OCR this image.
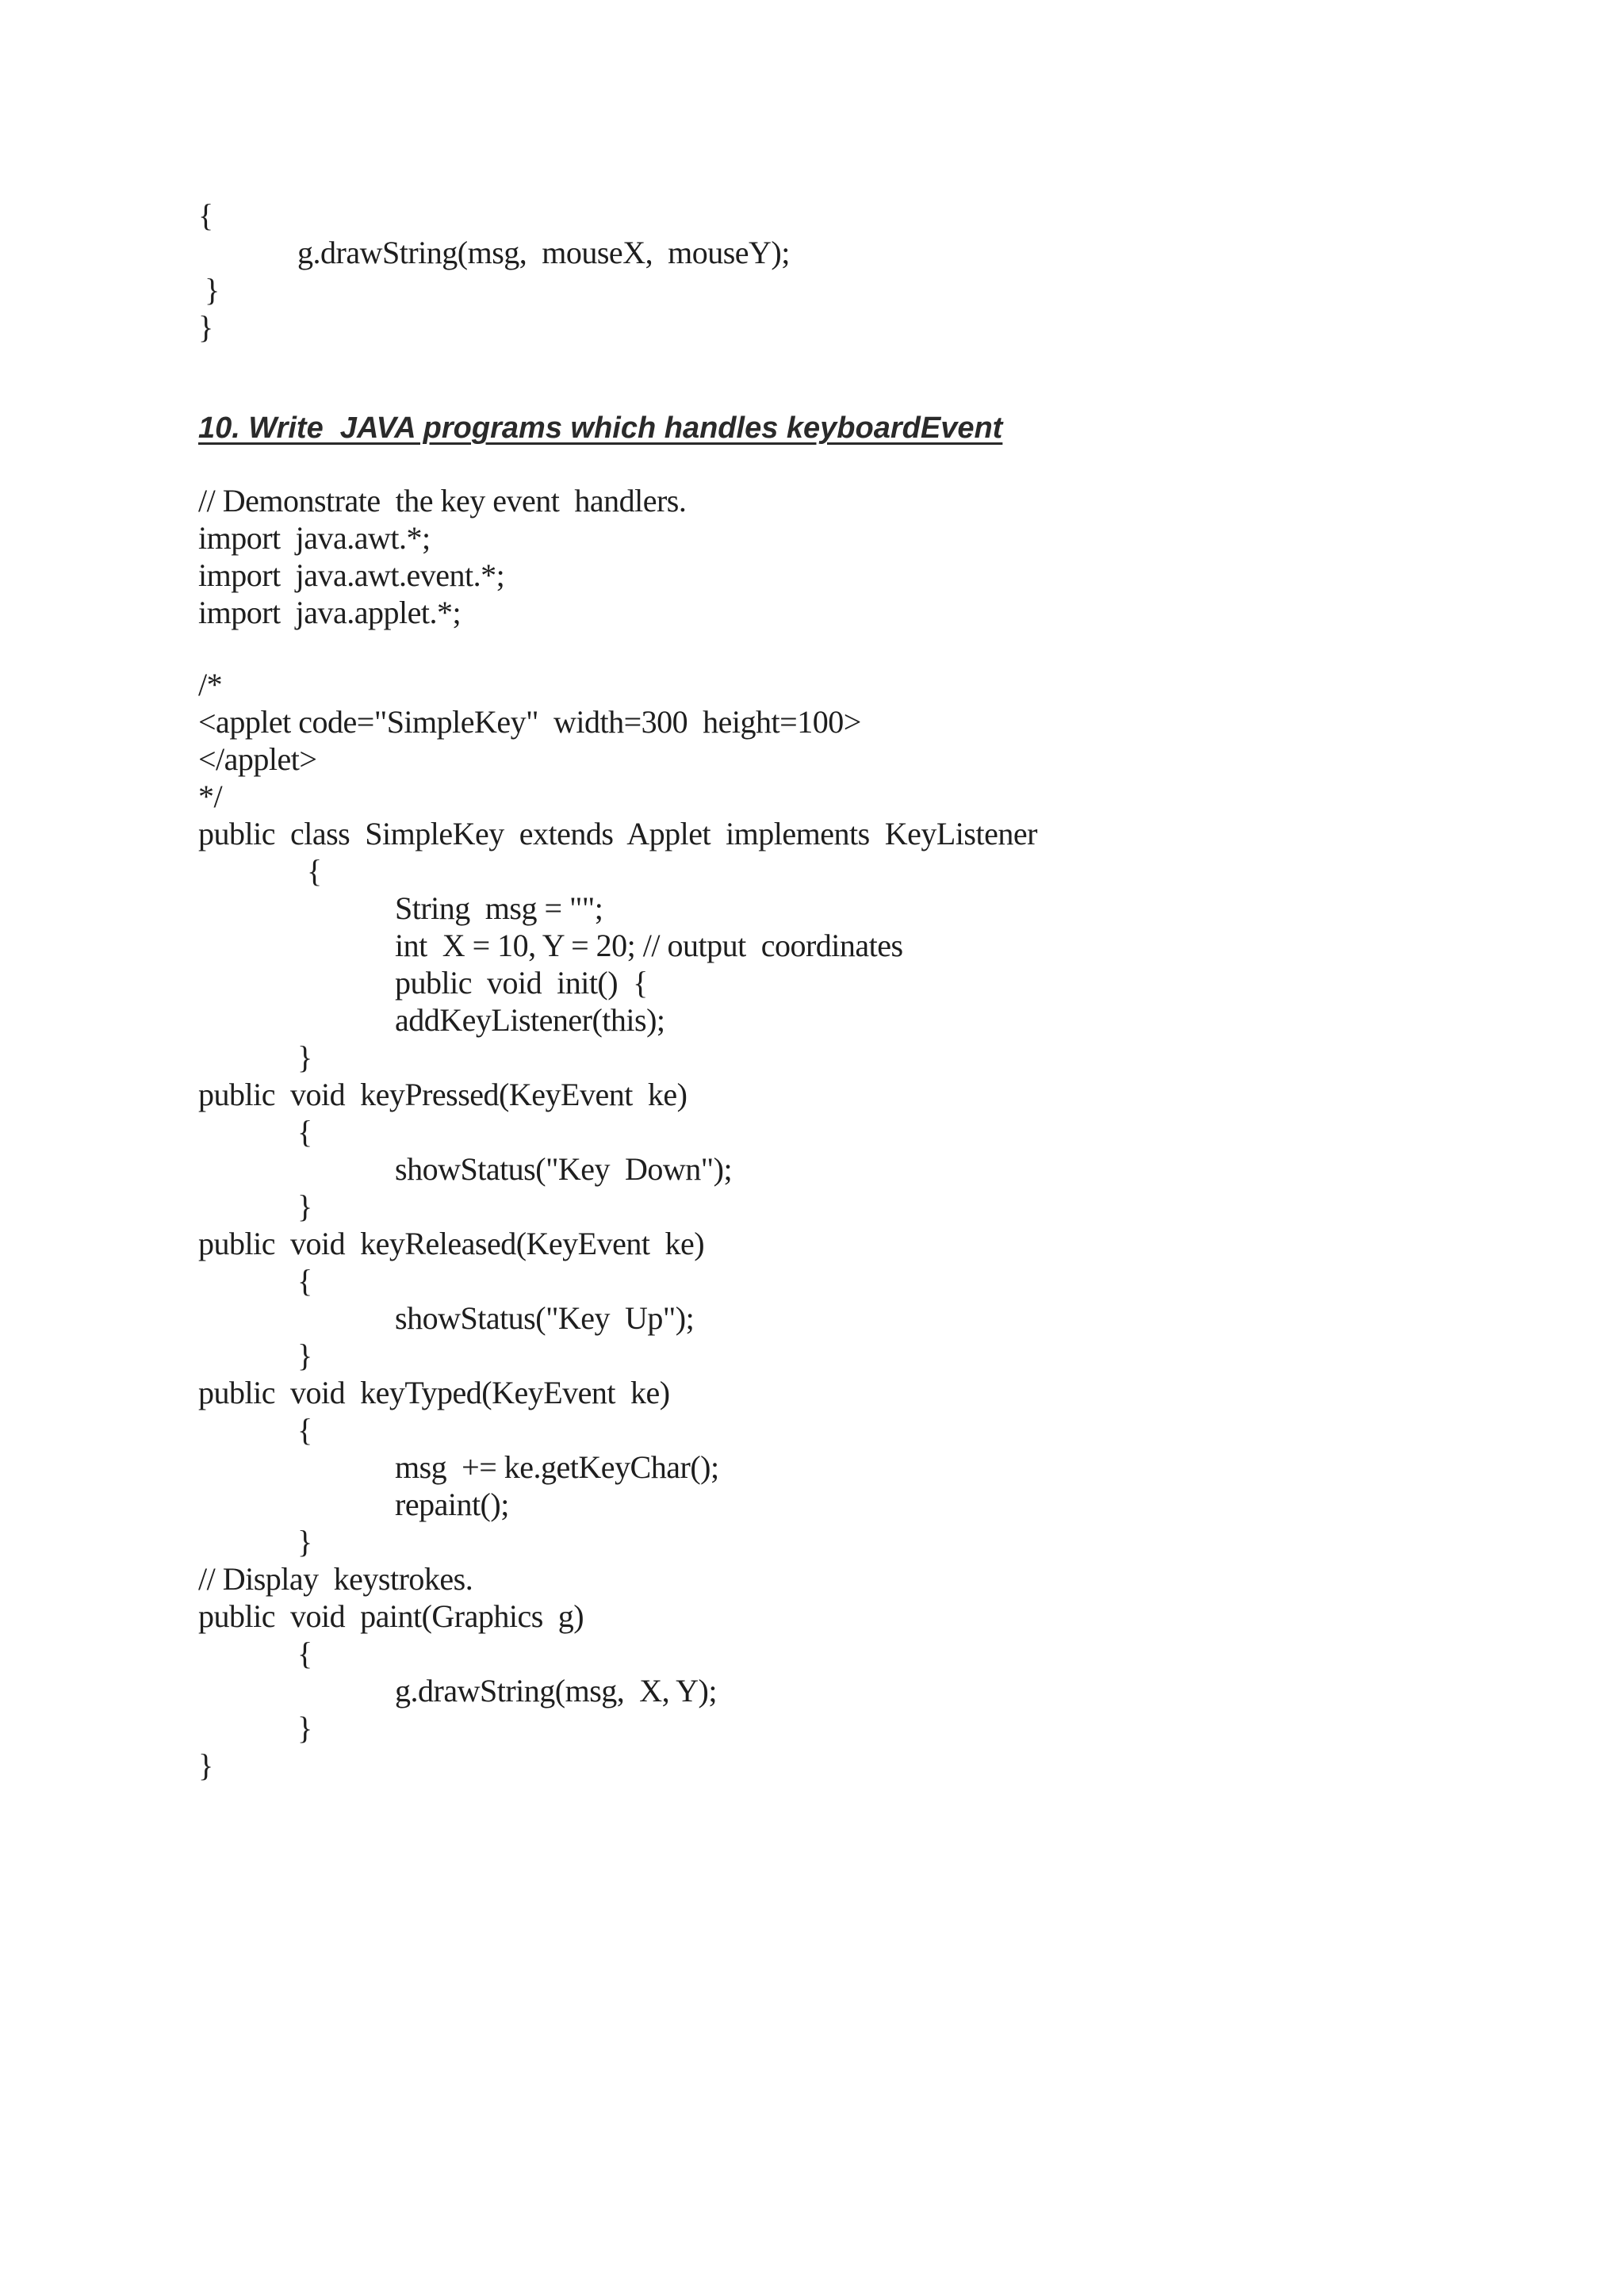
{
g.drawString(msg,  mouseX,  mouseY);
}
}
10. Write  JAVA programs which handles keyboardEvent
// Demonstrate  the key event  handlers.
import  java.awt.*;
import  java.awt.event.*;
import  java.applet.*;
/*
<applet code="SimpleKey"  width=300  height=100>
</applet>
*/
public  class  SimpleKey  extends  Applet  implements  KeyListener
{
String  msg = "";
int  X = 10, Y = 20; // output  coordinates
public  void  init()  {
addKeyListener(this);
}
public  void  keyPressed(KeyEvent  ke)
{
showStatus("Key  Down");
}
public  void  keyReleased(KeyEvent  ke)
{
showStatus("Key  Up");
}
public  void  keyTyped(KeyEvent  ke)
{
msg  += ke.getKeyChar();
repaint();
}
// Display  keystrokes.
public  void  paint(Graphics  g)
{
g.drawString(msg,  X, Y);
}
}
